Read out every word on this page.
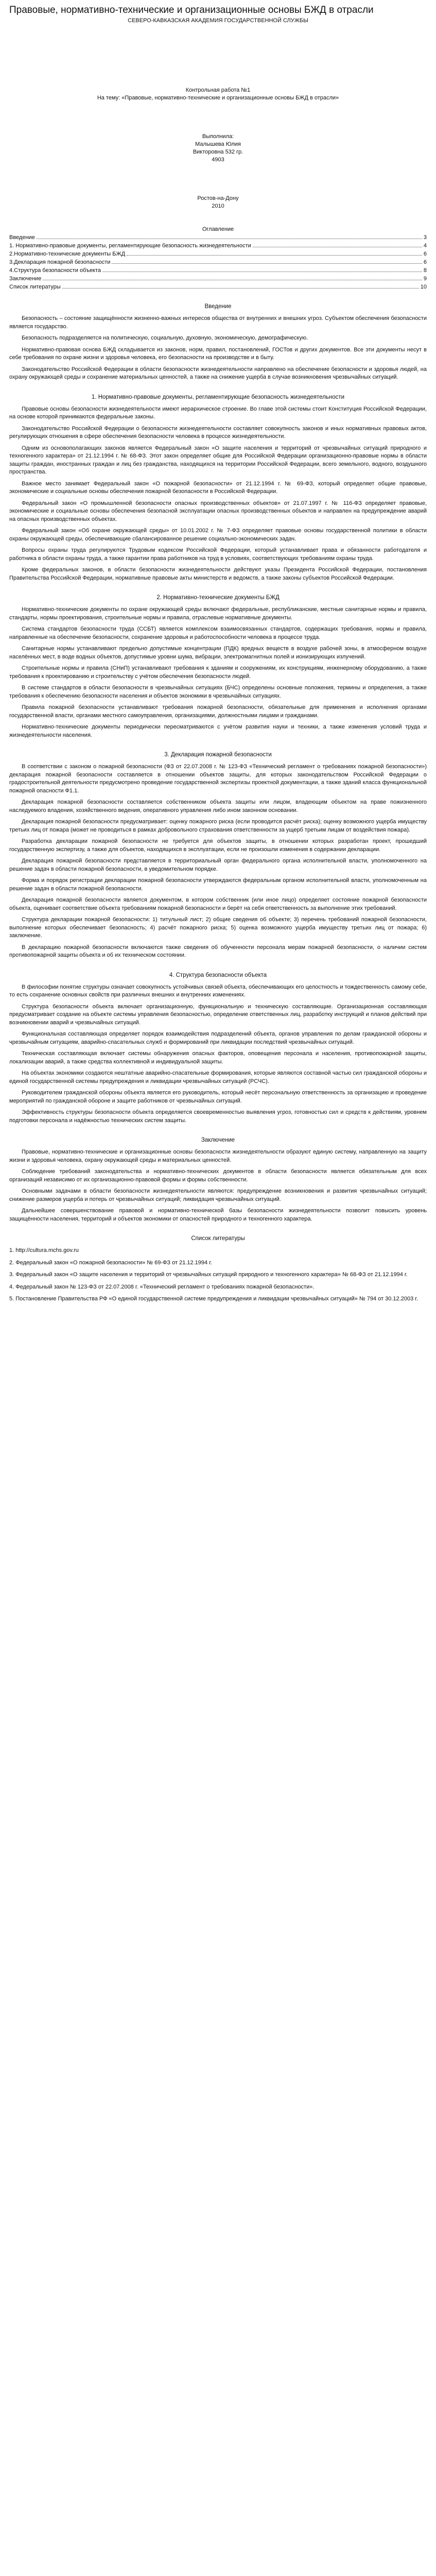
Правовые, нормативно-технические и организационные основы БЖД в отрасли

СЕВЕРО-КАВКАЗСКАЯ АКАДЕМИЯ ГОСУДАРСТВЕННОЙ СЛУЖБЫ

Контрольная работа №1

На тему: «Правовые, нормативно-технические и организационные основы БЖД в отрасли»

Выполнила:

Малышева Юлия

Викторовна 532 гр.

4903

Ростов-на-Дону

2010

Оглавление

Введение	3
1. Нормативно-правовые документы, регламентирующие безопасность жизнедеятельности	4
2.Нормативно-технические документы БЖД	6
3.Декларация пожарной безопасности	6
4.Структура безопасности объекта	8
Заключение	9
Список литературы	10
Введение

Безопасность – состояние защищённости жизненно-важных интересов общества от внутренних и внешних угроз. Субъектом обеспечения безопасности является государство.

Безопасность подразделяется на политическую, социальную, духовную, экономическую, демографическую.

Нормативно-правовая основа БЖД складывается из законов, норм, правил, постановлений, ГОСТов и других документов. Все эти документы несут в себе требования по охране жизни и здоровья человека, его безопасности на производстве и в быту.

Законодательство Российской Федерации в области безопасности жизнедеятельности направлено на обеспечение безопасности и здоровья людей, на охрану окружающей среды и сохранение материальных ценностей, а также на снижение ущерба в случае возникновения чрезвычайных ситуаций.

1. Нормативно-правовые документы, регламентирующие безопасность жизнедеятельности

Правовые основы безопасности жизнедеятельности имеют иерархическое строение. Во главе этой системы стоит Конституция Российской Федерации, на основе которой принимаются федеральные законы.

Законодательство Российской Федерации о безопасности жизнедеятельности составляет совокупность законов и иных нормативных правовых актов, регулирующих отношения в сфере обеспечения безопасности человека в процессе жизнедеятельности.

Одним из основополагающих законов является Федеральный закон «О защите населения и территорий от чрезвычайных ситуаций природного и техногенного характера» от 21.12.1994 г. № 68-ФЗ. Этот закон определяет общие для Российской Федерации организационно-правовые нормы в области защиты граждан, иностранных граждан и лиц без гражданства, находящихся на территории Российской Федерации, всего земельного, водного, воздушного пространства.

Важное место занимает Федеральный закон «О пожарной безопасности» от 21.12.1994 г. № 69-ФЗ, который определяет общие правовые, экономические и социальные основы обеспечения пожарной безопасности в Российской Федерации.

Федеральный закон «О промышленной безопасности опасных производственных объектов» от 21.07.1997 г. № 116-ФЗ определяет правовые, экономические и социальные основы обеспечения безопасной эксплуатации опасных производственных объектов и направлен на предупреждение аварий на опасных производственных объектах.

Федеральный закон «Об охране окружающей среды» от 10.01.2002 г. № 7-ФЗ определяет правовые основы государственной политики в области охраны окружающей среды, обеспечивающие сбалансированное решение социально-экономических задач.

Вопросы охраны труда регулируются Трудовым кодексом Российской Федерации, который устанавливает права и обязанности работодателя и работника в области охраны труда, а также гарантии права работников на труд в условиях, соответствующих требованиям охраны труда.

Кроме федеральных законов, в области безопасности жизнедеятельности действуют указы Президента Российской Федерации, постановления Правительства Российской Федерации, нормативные правовые акты министерств и ведомств, а также законы субъектов Российской Федерации.

2. Нормативно-технические документы БЖД

Нормативно-технические документы по охране окружающей среды включают федеральные, республиканские, местные санитарные нормы и правила, стандарты, нормы проектирования, строительные нормы и правила, отраслевые нормативные документы.

Система стандартов безопасности труда (ССБТ) является комплексом взаимосвязанных стандартов, содержащих требования, нормы и правила, направленные на обеспечение безопасности, сохранение здоровья и работоспособности человека в процессе труда.

Санитарные нормы устанавливают предельно допустимые концентрации (ПДК) вредных веществ в воздухе рабочей зоны, в атмосферном воздухе населённых мест, в воде водных объектов, допустимые уровни шума, вибрации, электромагнитных полей и ионизирующих излучений.

Строительные нормы и правила (СНиП) устанавливают требования к зданиям и сооружениям, их конструкциям, инженерному оборудованию, а также требования к проектированию и строительству с учётом обеспечения безопасности людей.

В системе стандартов в области безопасности в чрезвычайных ситуациях (БЧС) определены основные положения, термины и определения, а также требования к обеспечению безопасности населения и объектов экономики в чрезвычайных ситуациях.

Правила пожарной безопасности устанавливают требования пожарной безопасности, обязательные для применения и исполнения органами государственной власти, органами местного самоуправления, организациями, должностными лицами и гражданами.

Нормативно-технические документы периодически пересматриваются с учётом развития науки и техники, а также изменения условий труда и жизнедеятельности населения.

3. Декларация пожарной безопасности

В соответствии с законом о пожарной безопасности (ФЗ от 22.07.2008 г. № 123-ФЗ «Технический регламент о требованиях пожарной безопасности») декларация пожарной безопасности составляется в отношении объектов защиты, для которых законодательством Российской Федерации о градостроительной деятельности предусмотрено проведение государственной экспертизы проектной документации, а также зданий класса функциональной пожарной опасности Ф1.1.

Декларация пожарной безопасности составляется собственником объекта защиты или лицом, владеющим объектом на праве пожизненного наследуемого владения, хозяйственного ведения, оперативного управления либо ином законном основании.

Декларация пожарной безопасности предусматривает: оценку пожарного риска (если проводится расчёт риска); оценку возможного ущерба имуществу третьих лиц от пожара (может не проводиться в рамках добровольного страхования ответственности за ущерб третьим лицам от воздействия пожара).

Разработка декларации пожарной безопасности не требуется для объектов защиты, в отношении которых разработан проект, прошедший государственную экспертизу, а также для объектов, находящихся в эксплуатации, если не произошли изменения в содержании декларации.

Декларация пожарной безопасности представляется в территориальный орган федерального органа исполнительной власти, уполномоченного на решение задач в области пожарной безопасности, в уведомительном порядке.

Форма и порядок регистрации декларации пожарной безопасности утверждаются федеральным органом исполнительной власти, уполномоченным на решение задач в области пожарной безопасности.

Декларация пожарной безопасности является документом, в котором собственник (или иное лицо) определяет состояние пожарной безопасности объекта, оценивает соответствие объекта требованиям пожарной безопасности и берёт на себя ответственность за выполнение этих требований.

Структура декларации пожарной безопасности: 1) титульный лист; 2) общие сведения об объекте; 3) перечень требований пожарной безопасности, выполнение которых обеспечивает безопасность; 4) расчёт пожарного риска; 5) оценка возможного ущерба имуществу третьих лиц от пожара; 6) заключение.

В декларацию пожарной безопасности включаются также сведения об обученности персонала мерам пожарной безопасности, о наличии систем противопожарной защиты объекта и об их техническом состоянии.

4. Структура безопасности объекта

В философии понятие структуры означает совокупность устойчивых связей объекта, обеспечивающих его целостность и тождественность самому себе, то есть сохранение основных свойств при различных внешних и внутренних изменениях.

Структура безопасности объекта включает организационную, функциональную и техническую составляющие. Организационная составляющая предусматривает создание на объекте системы управления безопасностью, определение ответственных лиц, разработку инструкций и планов действий при возникновении аварий и чрезвычайных ситуаций.

Функциональная составляющая определяет порядок взаимодействия подразделений объекта, органов управления по делам гражданской обороны и чрезвычайным ситуациям, аварийно-спасательных служб и формирований при ликвидации последствий чрезвычайных ситуаций.

Техническая составляющая включает системы обнаружения опасных факторов, оповещения персонала и населения, противопожарной защиты, локализации аварий, а также средства коллективной и индивидуальной защиты.

На объектах экономики создаются нештатные аварийно-спасательные формирования, которые являются составной частью сил гражданской обороны и единой государственной системы предупреждения и ликвидации чрезвычайных ситуаций (РСЧС).

Руководителем гражданской обороны объекта является его руководитель, который несёт персональную ответственность за организацию и проведение мероприятий по гражданской обороне и защите работников от чрезвычайных ситуаций.

Эффективность структуры безопасности объекта определяется своевременностью выявления угроз, готовностью сил и средств к действиям, уровнем подготовки персонала и надёжностью технических систем защиты.

Заключение

Правовые, нормативно-технические и организационные основы безопасности жизнедеятельности образуют единую систему, направленную на защиту жизни и здоровья человека, охрану окружающей среды и материальных ценностей.

Соблюдение требований законодательства и нормативно-технических документов в области безопасности является обязательным для всех организаций независимо от их организационно-правовой формы и формы собственности.

Основными задачами в области безопасности жизнедеятельности являются: предупреждение возникновения и развития чрезвычайных ситуаций; снижение размеров ущерба и потерь от чрезвычайных ситуаций; ликвидация чрезвычайных ситуаций.

Дальнейшее совершенствование правовой и нормативно-технической базы безопасности жизнедеятельности позволит повысить уровень защищённости населения, территорий и объектов экономики от опасностей природного и техногенного характера.

Список литературы

1. http://cultura.mchs.gov.ru

2. Федеральный закон «О пожарной безопасности» № 69-ФЗ от 21.12.1994 г.

3. Федеральный закон «О защите населения и территорий от чрезвычайных ситуаций природного и техногенного характера» № 68-ФЗ от 21.12.1994 г.

4. Федеральный закон № 123-ФЗ от 22.07.2008 г. «Технический регламент о требованиях пожарной безопасности».

5. Постановление Правительства РФ «О единой государственной системе предупреждения и ликвидации чрезвычайных ситуаций» № 794 от 30.12.2003 г.
